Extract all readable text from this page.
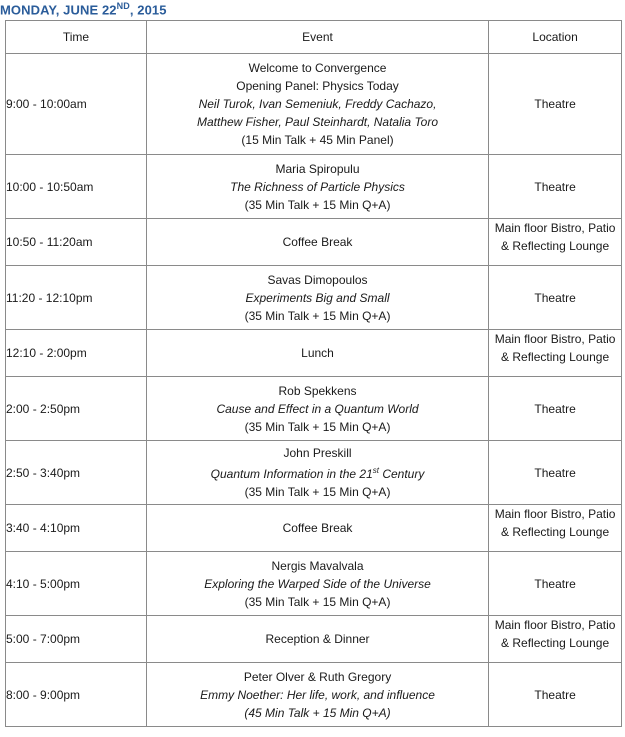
MONDAY, JUNE 22ND, 2015
Time	Event	Location
9:00 - 10:00am	Welcome to Convergence
Opening Panel: Physics Today
Neil Turok, Ivan Semeniuk, Freddy Cachazo,
Matthew Fisher, Paul Steinhardt, Natalia Toro
(15 Min Talk + 45 Min Panel)	Theatre

10:00 - 10:50am	Maria Spiropulu
The Richness of Particle Physics
(35 Min Talk + 15 Min Q+A)	Theatre

10:50 - 11:20am	Coffee Break	Main floor Bistro, Patio
& Reflecting Lounge

11:20 - 12:10pm	Savas Dimopoulos
Experiments Big and Small
(35 Min Talk + 15 Min Q+A)	Theatre

12:10 - 2:00pm	Lunch	Main floor Bistro, Patio
& Reflecting Lounge

2:00 - 2:50pm	Rob Spekkens
Cause and Effect in a Quantum World
(35 Min Talk + 15 Min Q+A)	Theatre

2:50 - 3:40pm	John Preskill
Quantum Information in the 21st Century
(35 Min Talk + 15 Min Q+A)	Theatre

3:40 - 4:10pm	Coffee Break	Main floor Bistro, Patio
& Reflecting Lounge

4:10 - 5:00pm	Nergis Mavalvala
Exploring the Warped Side of the Universe
(35 Min Talk + 15 Min Q+A)	Theatre

5:00 - 7:00pm	Reception & Dinner	Main floor Bistro, Patio
& Reflecting Lounge

8:00 - 9:00pm	Peter Olver & Ruth Gregory
Emmy Noether: Her life, work, and influence
(45 Min Talk + 15 Min Q+A)	Theatre
